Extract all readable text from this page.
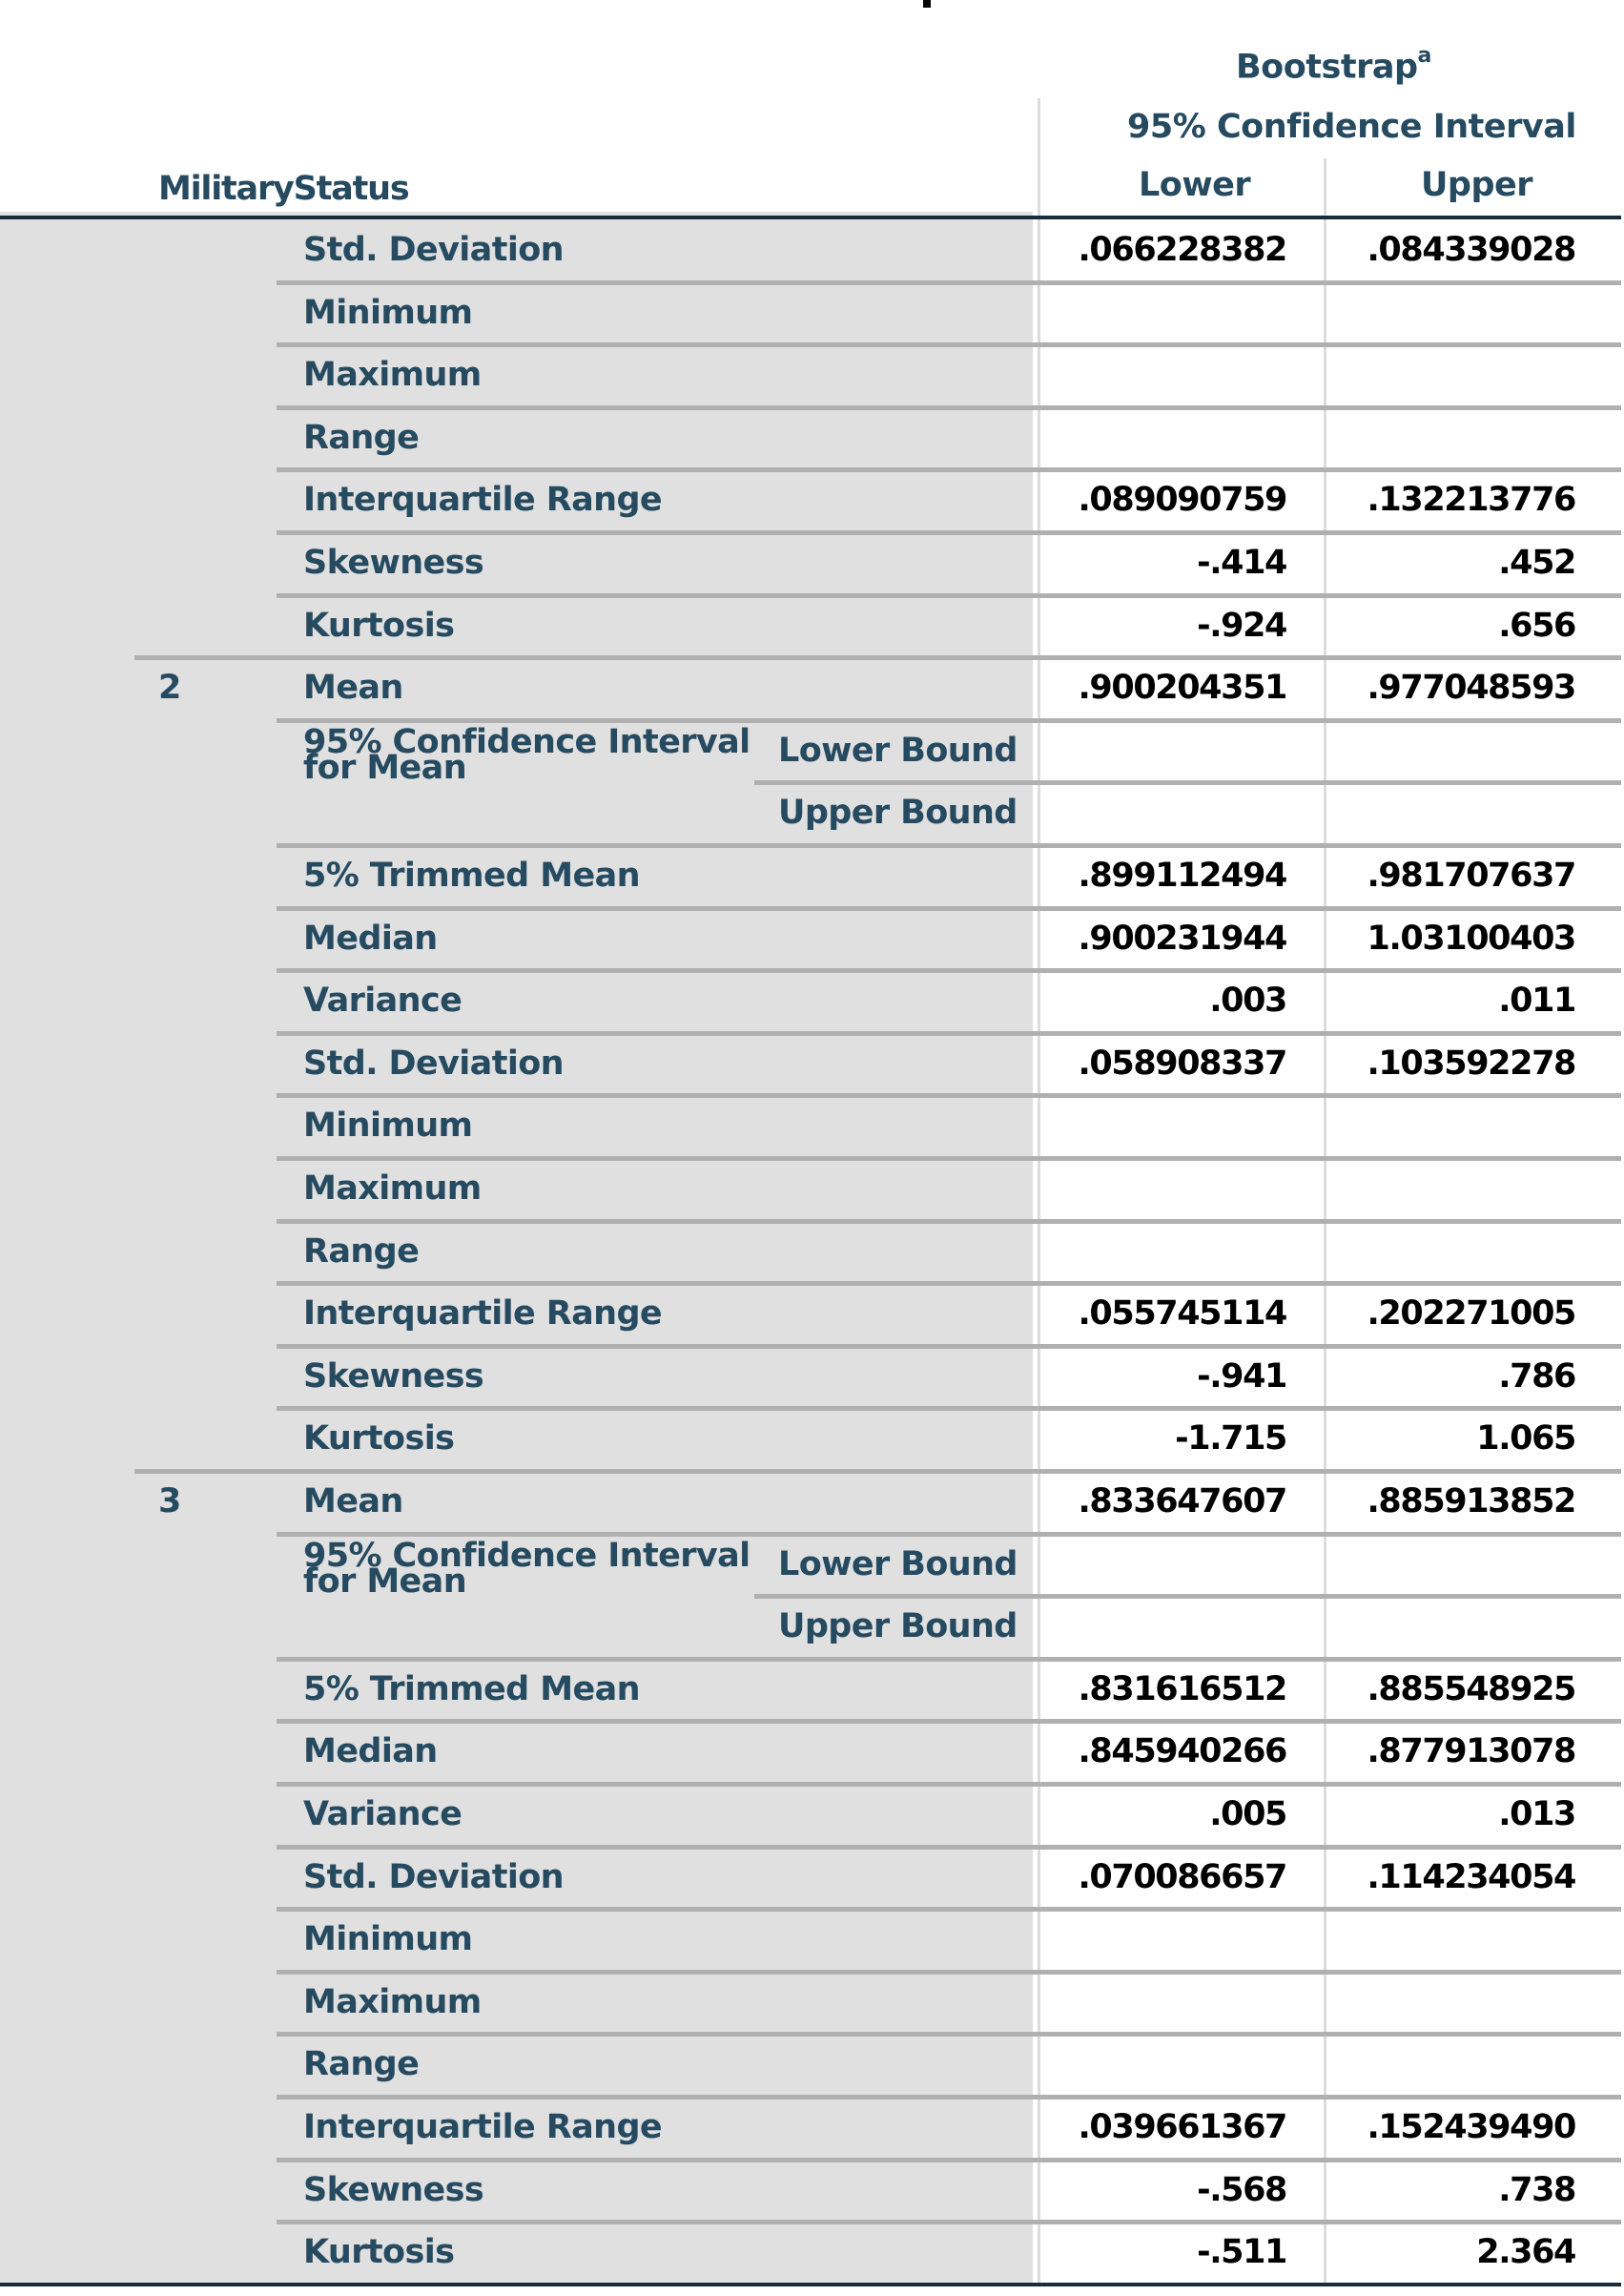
Bootstrap$^a$
95% Confidence Interval
Lower	Upper
MilitaryStatus
Std. Deviation	.066228382 .084339028
Minimum
Maximum
Range
Interquartile Range	.089090759 .132213776
Skewness	-.414	.452
Kurtosis	-.924	.656
2	Mean	.900204351 .977048593
95% Confidence Interval for Mean	Lower Bound
Upper Bound
5% Trimmed Mean	.899112494 .981707637
Median	.900231944 1.03100403
Variance	.003	.011
Std. Deviation	.058908337 .103592278
Minimum
Maximum
Range
Interquartile Range	.055745114 .202271005
Skewness	-.941	.786
Kurtosis	-1.715	1.065
3	Mean	.833647607 .885913852
95% Confidence Interval for Mean	Lower Bound
Upper Bound
5% Trimmed Mean	.831616512 .885548925
Median	.845940266 .877913078
Variance	.005	.013
Std. Deviation	.070086657 .114234054
Minimum
Maximum
Range
Interquartile Range	.039661367 .152439490
Skewness	-.568	.738
Kurtosis	-.511	2.364
